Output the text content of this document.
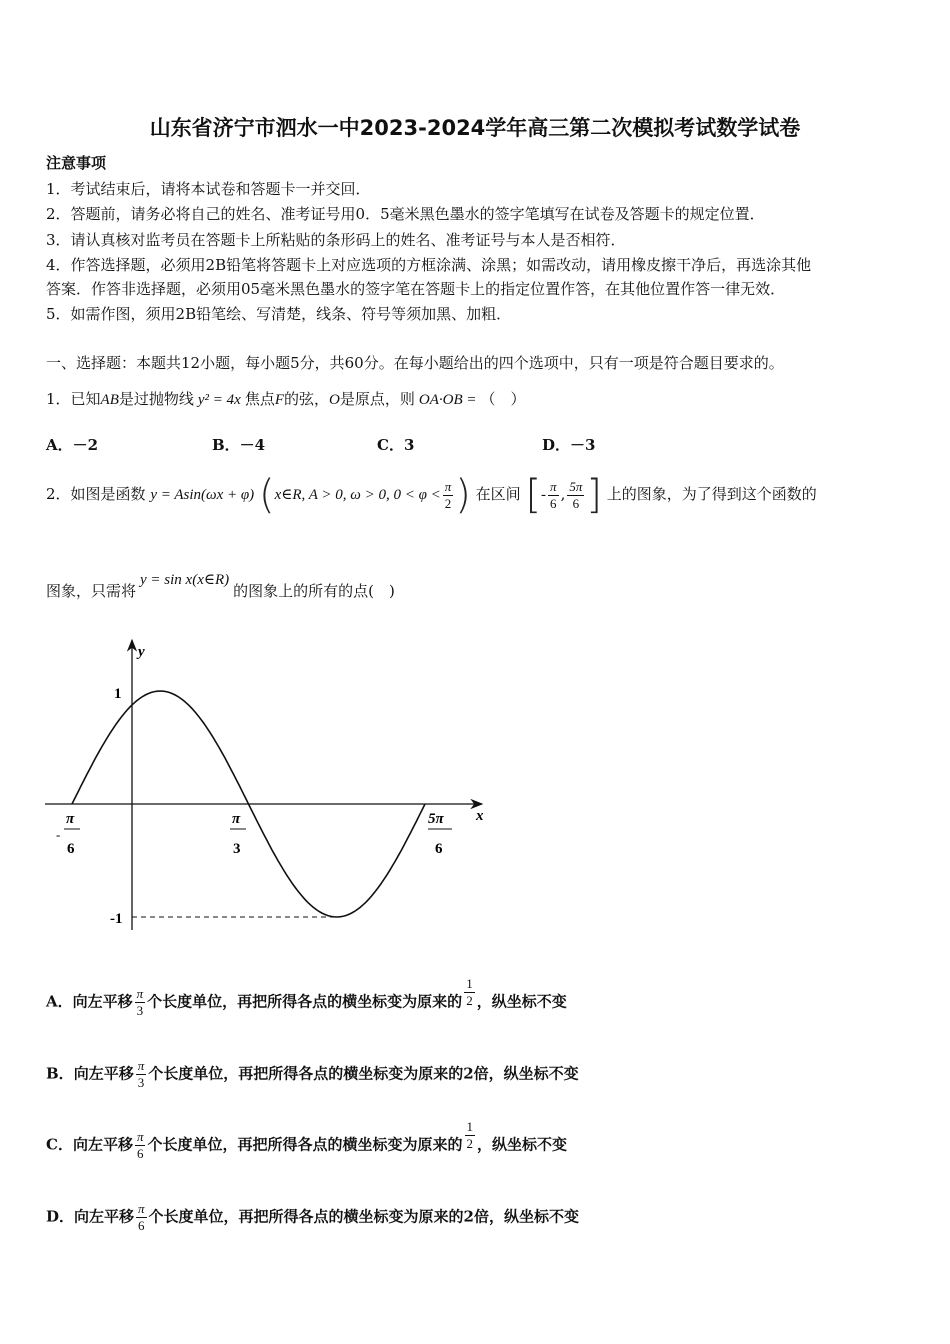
山东省济宁市泗水一中2023-2024学年高三第二次模拟考试数学试卷
注意事项
1．考试结束后，请将本试卷和答题卡一并交回．
2．答题前，请务必将自己的姓名、准考证号用0．5毫米黑色墨水的签字笔填写在试卷及答题卡的规定位置．
3．请认真核对监考员在答题卡上所粘贴的条形码上的姓名、准考证号与本人是否相符．
4．作答选择题，必须用2B铅笔将答题卡上对应选项的方框涂满、涂黑；如需改动，请用橡皮擦干净后，再选涂其他
答案．作答非选择题，必须用05毫米黑色墨水的签字笔在答题卡上的指定位置作答，在其他位置作答一律无效．
5．如需作图，须用2B铅笔绘、写清楚，线条、符号等须加黑、加粗．
一、选择题：本题共12小题，每小题5分，共60分。在每小题给出的四个选项中，只有一项是符合题目要求的。
1．已知AB是过抛物线 y² = 4x 焦点F的弦，O是原点，则 OA·OB = （　）
A．－2	B．－4	C．3	D．－3
2．如图是函数 y = Asin(ωx + φ) (x∈R, A > 0, ω > 0, $0 < \varphi < \frac{\pi}{2}$ ) 在区间 [- $\frac{\pi}{6}$ , $\frac{5\pi}{6}$ ] 上的图象，为了得到这个函数的
图象，只需将y = sin x(x∈R)的图象上的所有的点(　)
y
x
1
-1
-
π
6
π
3
5π
6
A．向左平移 $\frac{\pi}{3}$ 个长度单位，再把所得各点的横坐标变为原来的 $\frac{1}{2}$ ，纵坐标不变
B．向左平移 $\frac{\pi}{3}$ 个长度单位，再把所得各点的横坐标变为原来的2倍，纵坐标不变
C．向左平移 $\frac{\pi}{6}$ 个长度单位，再把所得各点的横坐标变为原来的 $\frac{1}{2}$ ，纵坐标不变
D．向左平移 $\frac{\pi}{6}$ 个长度单位，再把所得各点的横坐标变为原来的2倍，纵坐标不变
